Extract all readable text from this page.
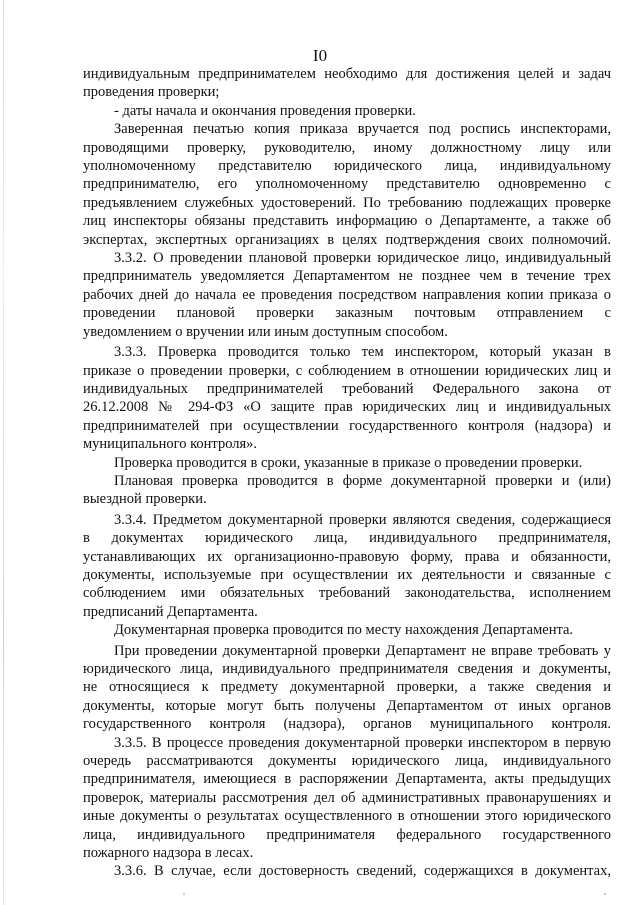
I0

индивидуальным предпринимателем необходимо для достижения целей и задач
проведения проверки;

- даты начала и окончания проведения проверки.

Заверенная печатью копия приказа вручается под роспись инспекторами,
проводящими проверку, руководителю, иному должностному лицу или
уполномоченному представителю юридического лица, индивидуальному
предпринимателю, его уполномоченному представителю одновременно с
предъявлением служебных удостоверений. По требованию подлежащих проверке
лиц инспекторы обязаны представить информацию о Департаменте, а также об
экспертах, экспертных организациях в целях подтверждения своих полномочий.

3.3.2. О проведении плановой проверки юридическое лицо, индивидуальный
предприниматель уведомляется Департаментом не позднее чем в течение трех
рабочих дней до начала ее проведения посредством направления копии приказа о
проведении плановой проверки заказным почтовым отправлением с
уведомлением о вручении или иным доступным способом.

3.3.3. Проверка проводится только тем инспектором, который указан в
приказе о проведении проверки, с соблюдением в отношении юридических лиц и
индивидуальных предпринимателей требований Федерального закона от
26.12.2008 № 294-ФЗ «О защите прав юридических лиц и индивидуальных
предпринимателей при осуществлении государственного контроля (надзора) и
муниципального контроля».

Проверка проводится в сроки, указанные в приказе о проведении проверки.

Плановая проверка проводится в форме документарной проверки и (или)
выездной проверки.

3.3.4. Предметом документарной проверки являются сведения, содержащиеся
в документах юридического лица, индивидуального предпринимателя,
устанавливающих их организационно-правовую форму, права и обязанности,
документы, используемые при осуществлении их деятельности и связанные с
соблюдением ими обязательных требований законодательства, исполнением
предписаний Департамента.

Документарная проверка проводится по месту нахождения Департамента.

При проведении документарной проверки Департамент не вправе требовать у
юридического лица, индивидуального предпринимателя сведения и документы,
не относящиеся к предмету документарной проверки, а также сведения и
документы, которые могут быть получены Департаментом от иных органов
государственного контроля (надзора), органов муниципального контроля.

3.3.5. В процессе проведения документарной проверки инспектором в первую
очередь рассматриваются документы юридического лица, индивидуального
предпринимателя, имеющиеся в распоряжении Департамента, акты предыдущих
проверок, материалы рассмотрения дел об административных правонарушениях и
иные документы о результатах осуществленного в отношении этого юридического
лица, индивидуального предпринимателя федерального государственного
пожарного надзора в лесах.

3.3.6. В случае, если достоверность сведений, содержащихся в документах,
